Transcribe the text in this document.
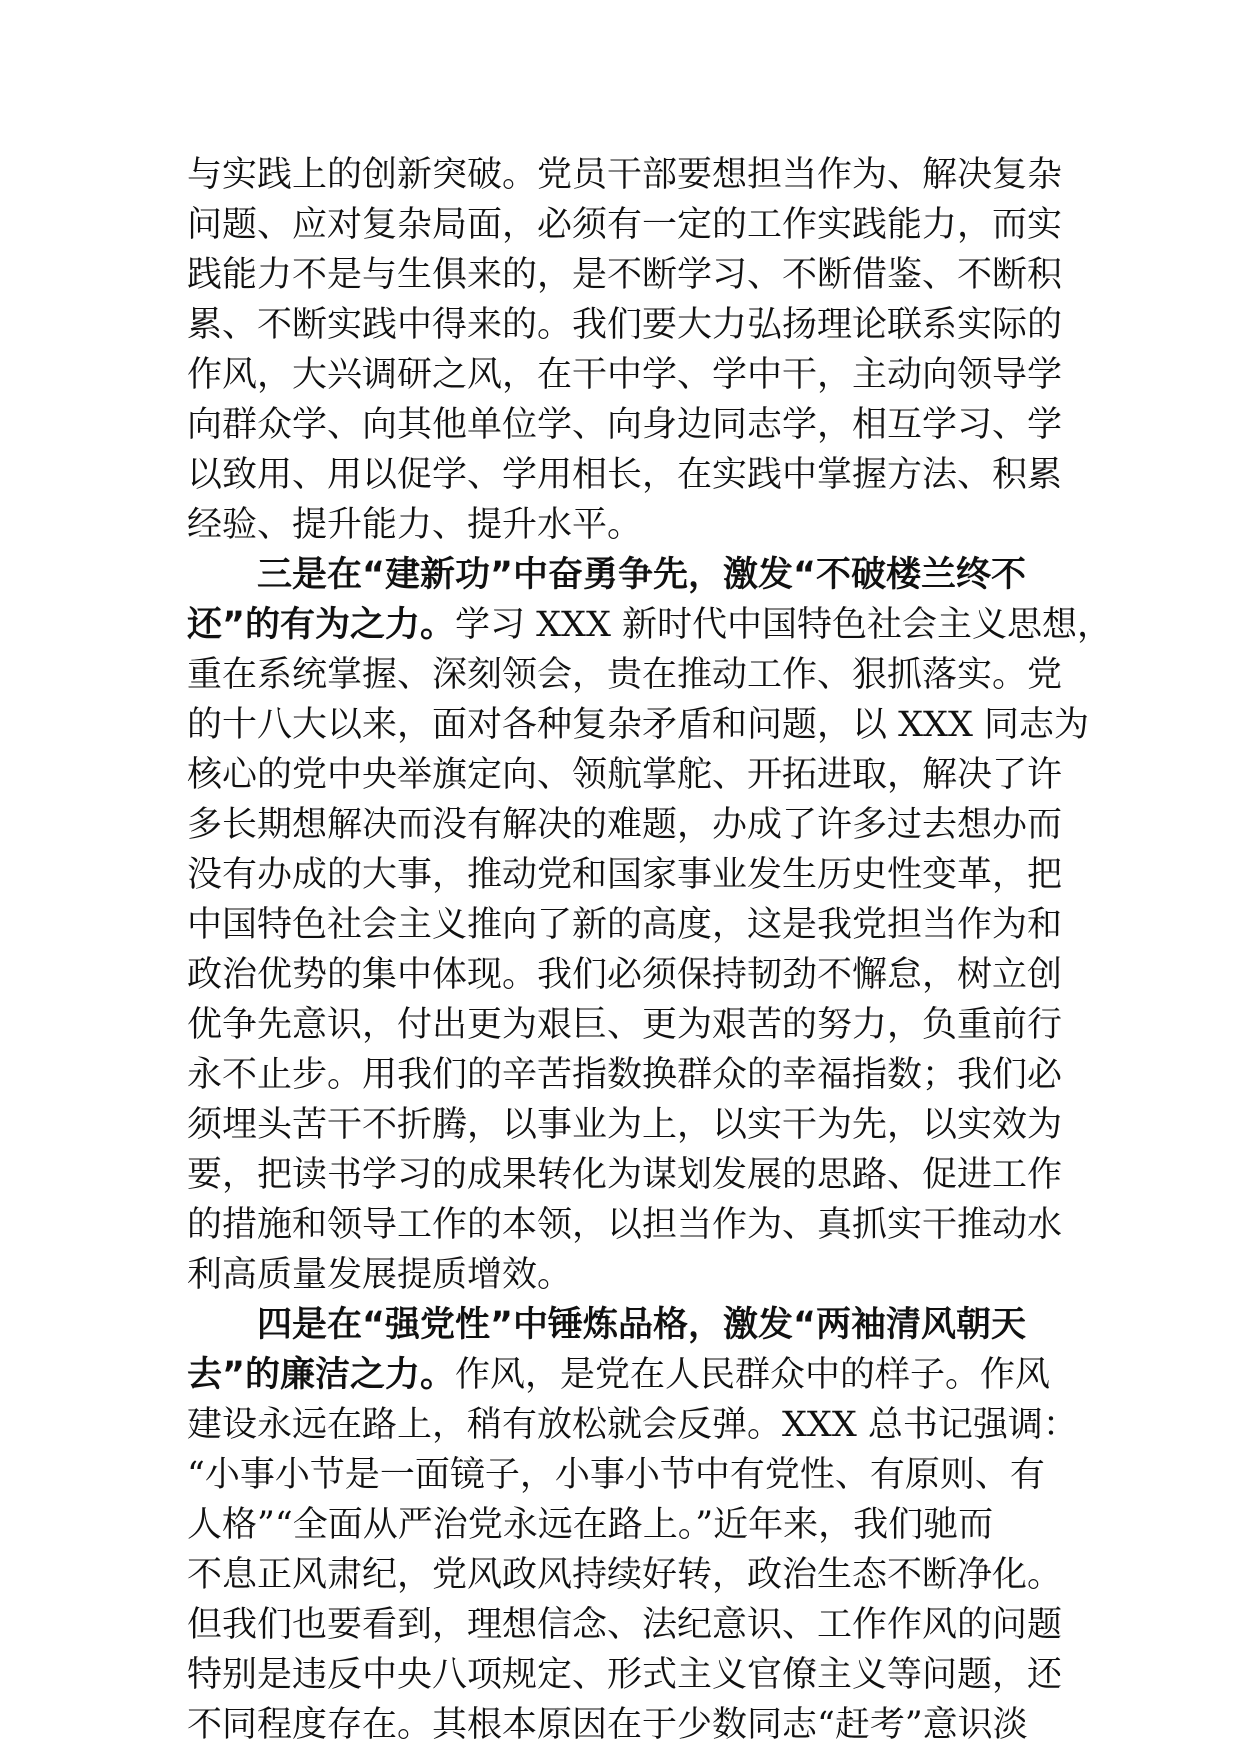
与实践上的创新突破。党员干部要想担当作为、解决复杂
问题、应对复杂局面，必须有一定的工作实践能力，而实
践能力不是与生俱来的，是不断学习、不断借鉴、不断积
累、不断实践中得来的。我们要大力弘扬理论联系实际的
作风，大兴调研之风，在干中学、学中干，主动向领导学
向群众学、向其他单位学、向身边同志学，相互学习、学
以致用、用以促学、学用相长，在实践中掌握方法、积累
经验、提升能力、提升水平。
三是在“建新功”中奋勇争先，激发“不破楼兰终不
还”的有为之力。学习 XXX 新时代中国特色社会主义思想，
重在系统掌握、深刻领会，贵在推动工作、狠抓落实。党
的十八大以来，面对各种复杂矛盾和问题，以 XXX 同志为
核心的党中央举旗定向、领航掌舵、开拓进取，解决了许
多长期想解决而没有解决的难题，办成了许多过去想办而
没有办成的大事，推动党和国家事业发生历史性变革，把
中国特色社会主义推向了新的高度，这是我党担当作为和
政治优势的集中体现。我们必须保持韧劲不懈怠，树立创
优争先意识，付出更为艰巨、更为艰苦的努力，负重前行
永不止步。用我们的辛苦指数换群众的幸福指数；我们必
须埋头苦干不折腾，以事业为上，以实干为先，以实效为
要，把读书学习的成果转化为谋划发展的思路、促进工作
的措施和领导工作的本领，以担当作为、真抓实干推动水
利高质量发展提质增效。
四是在“强党性”中锤炼品格，激发“两袖清风朝天
去”的廉洁之力。作风，是党在人民群众中的样子。作风
建设永远在路上，稍有放松就会反弹。XXX 总书记强调：
“小事小节是一面镜子，小事小节中有党性、有原则、有
人格”“全面从严治党永远在路上。”近年来，我们驰而
不息正风肃纪，党风政风持续好转，政治生态不断净化。
但我们也要看到，理想信念、法纪意识、工作作风的问题
特别是违反中央八项规定、形式主义官僚主义等问题，还
不同程度存在。其根本原因在于少数同志“赶考”意识淡
